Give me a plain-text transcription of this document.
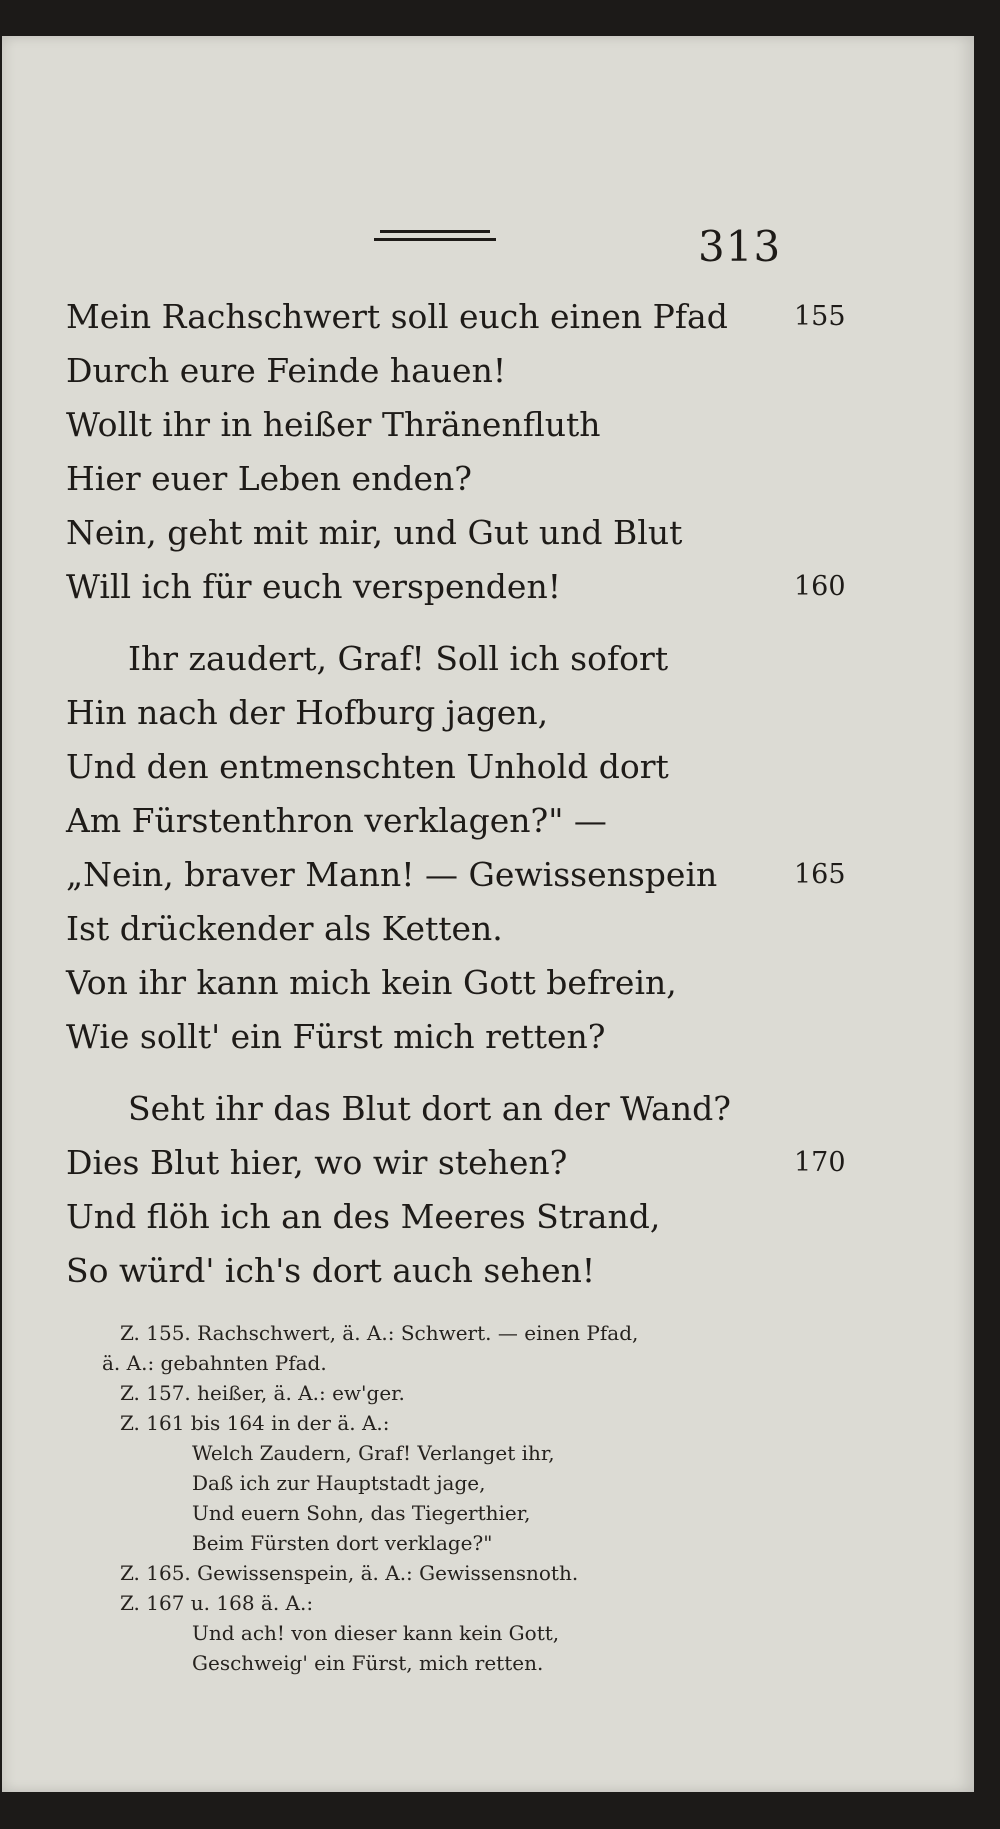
313
Mein Rachschwert soll euch einen Pfad	155
Durch eure Feinde hauen!
Wollt ihr in heißer Thränenfluth
Hier euer Leben enden?
Nein, geht mit mir, und Gut und Blut
Will ich für euch verspenden!	160
Ihr zaudert, Graf! Soll ich sofort
Hin nach der Hofburg jagen,
Und den entmenschten Unhold dort
Am Fürstenthron verklagen?" —
„Nein, braver Mann! — Gewissenspein	165
Ist drückender als Ketten.
Von ihr kann mich kein Gott befrein,
Wie sollt' ein Fürst mich retten?
Seht ihr das Blut dort an der Wand?
Dies Blut hier, wo wir stehen?	170
Und flöh ich an des Meeres Strand,
So würd' ich's dort auch sehen!
Z. 155. Rachschwert, ä. A.: Schwert. — einen Pfad,
ä. A.: gebahnten Pfad.
Z. 157. heißer, ä. A.: ew'ger.
Z. 161 bis 164 in der ä. A.:
Welch Zaudern, Graf! Verlanget ihr,
Daß ich zur Hauptstadt jage,
Und euern Sohn, das Tiegerthier,
Beim Fürsten dort verklage?"
Z. 165. Gewissenspein, ä. A.: Gewissensnoth.
Z. 167 u. 168 ä. A.:
Und ach! von dieser kann kein Gott,
Geschweig' ein Fürst, mich retten.
